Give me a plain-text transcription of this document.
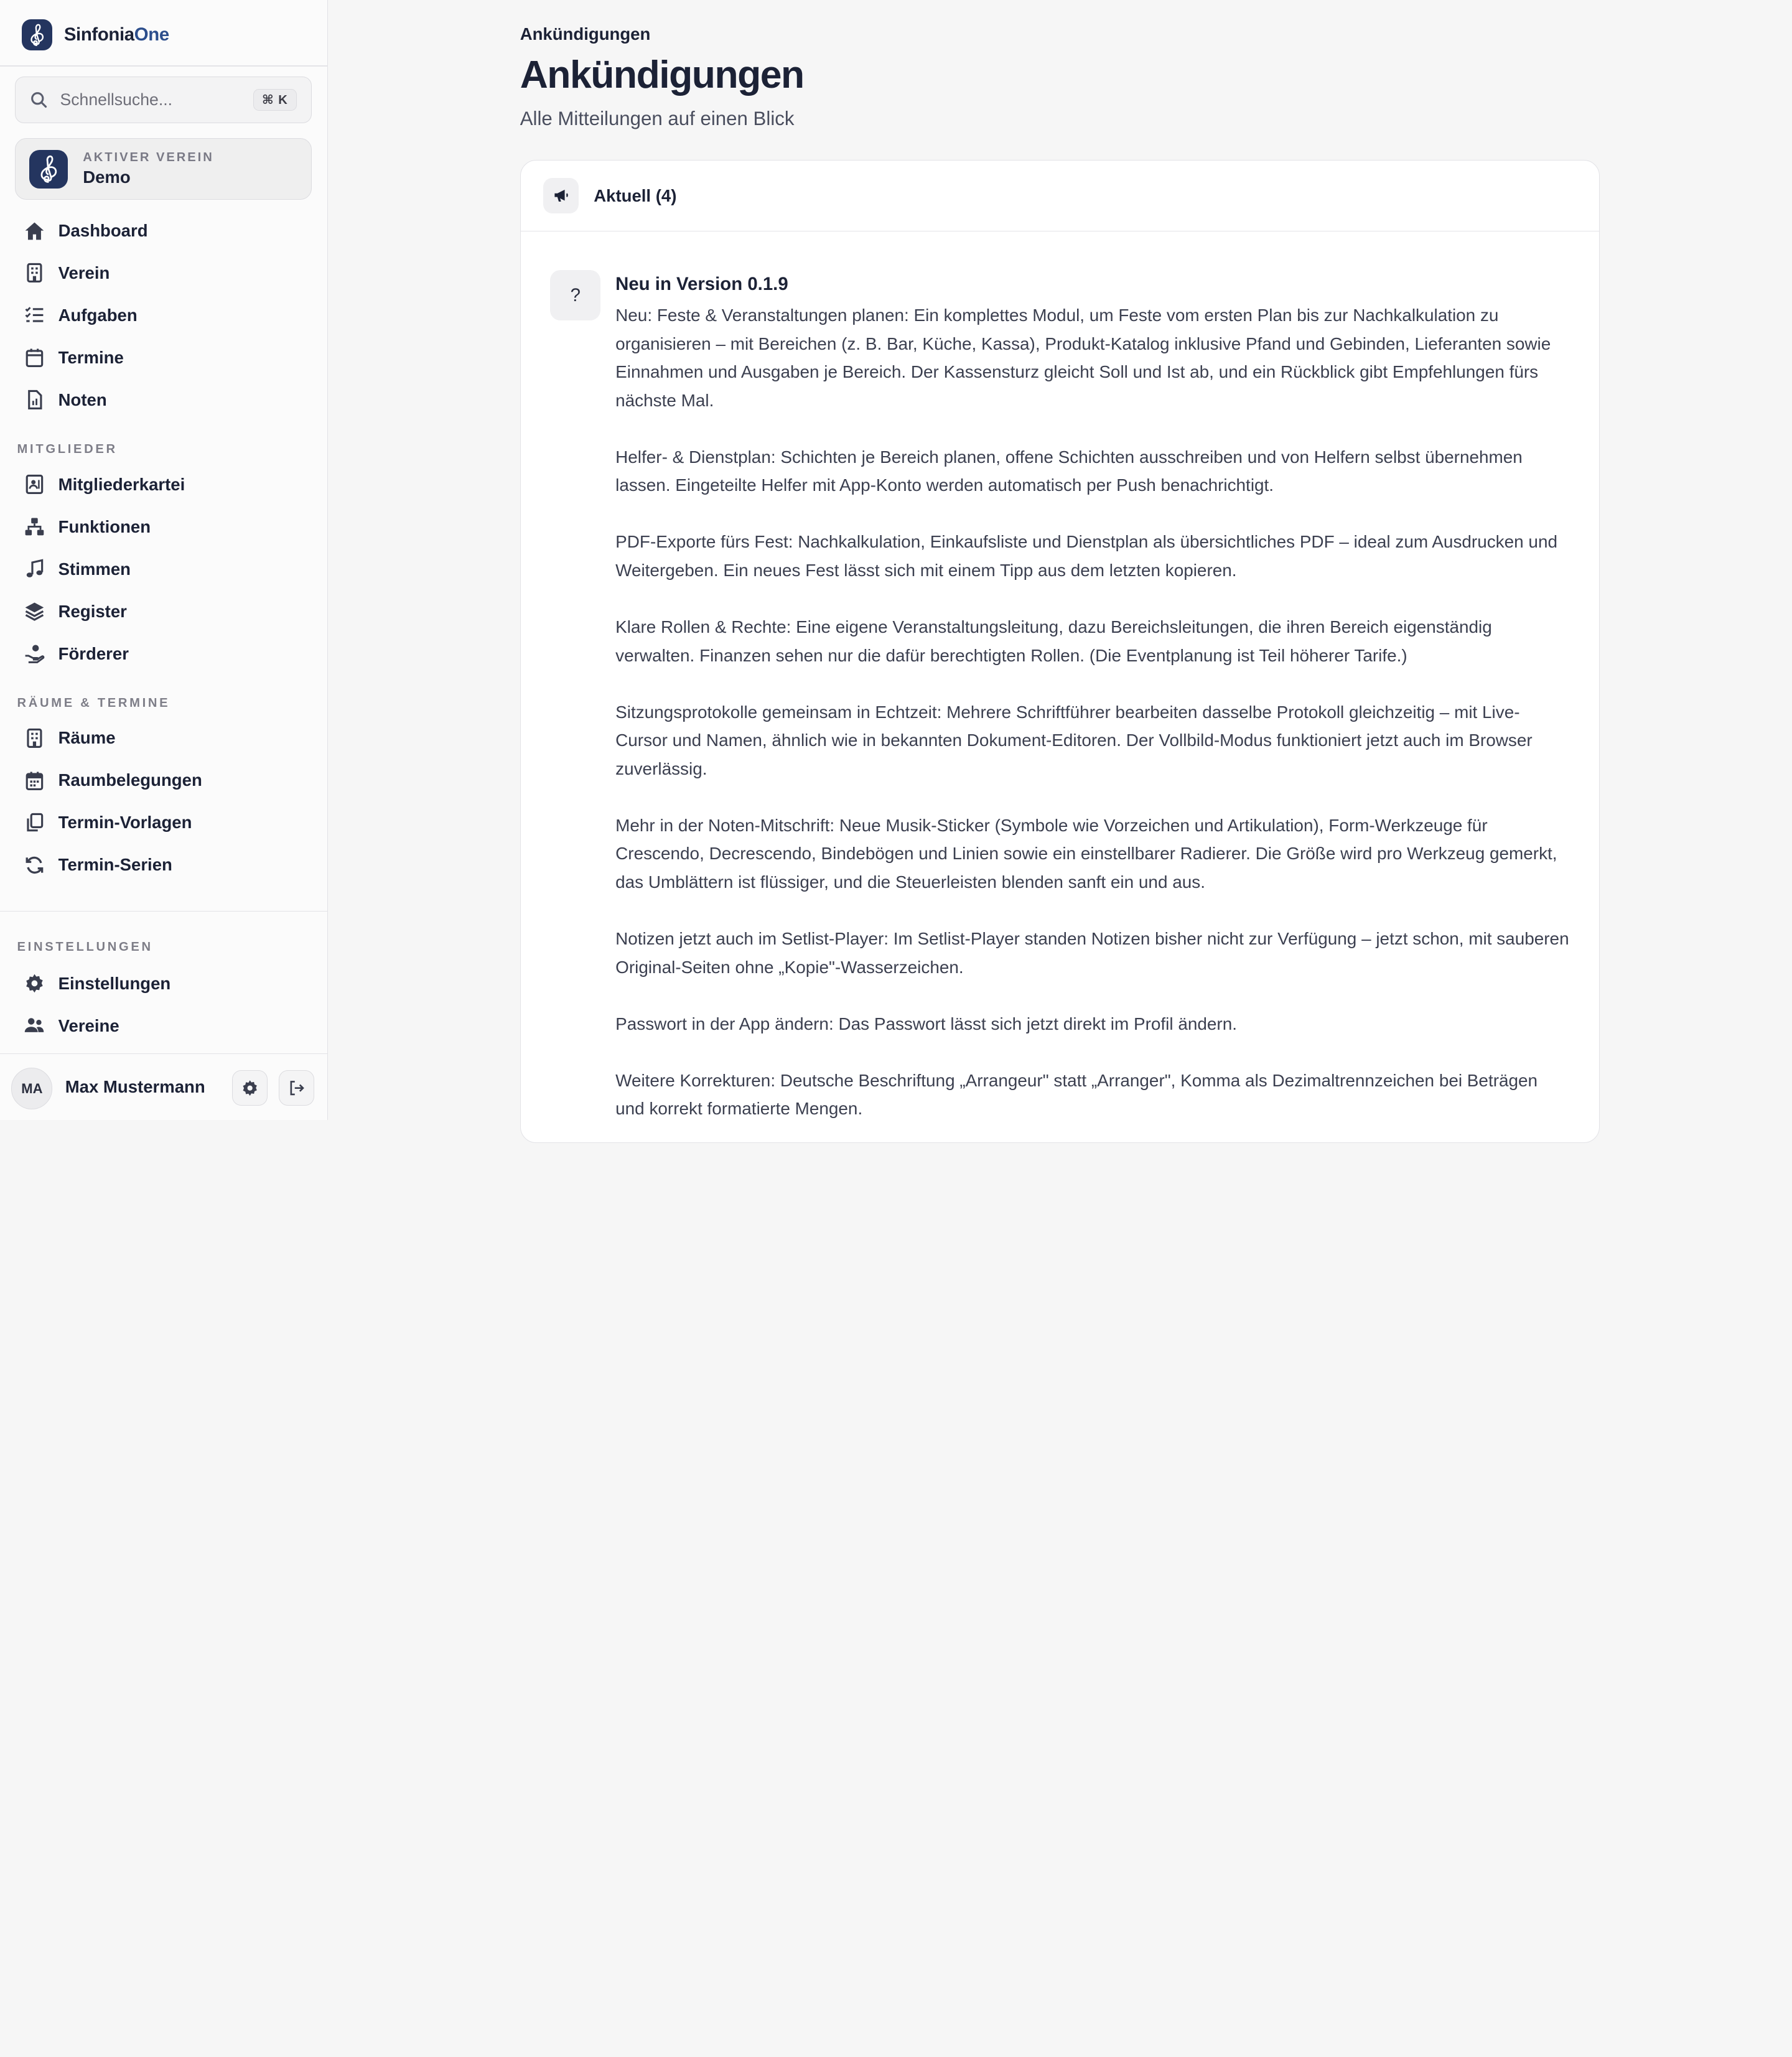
SinfoniaOne
Schnellsuche...	⌘ K
AKTIVER VEREIN
Demo
Dashboard
Verein
Aufgaben
Termine
Noten
MITGLIEDER
Mitgliederkartei
Funktionen
Stimmen
Register
Förderer
RÄUME & TERMINE
Räume
Raumbelegungen
Termin-Vorlagen
Termin-Serien
EINSTELLUNGEN
Einstellungen
Vereine
MA	Max Mustermann
Ankündigungen
Ankündigungen
Alle Mitteilungen auf einen Blick
Aktuell (4)
?
Neu in Version 0.1.9

Neu: Feste & Veranstaltungen planen: Ein komplettes Modul, um Feste vom ersten Plan bis zur Nachkalkulation zu organisieren – mit Bereichen (z. B. Bar, Küche, Kassa), Produkt-Katalog inklusive Pfand und Gebinden, Lieferanten sowie Einnahmen und Ausgaben je Bereich. Der Kassensturz gleicht Soll und Ist ab, und ein Rückblick gibt Empfehlungen fürs nächste Mal.

Helfer- & Dienstplan: Schichten je Bereich planen, offene Schichten ausschreiben und von Helfern selbst übernehmen lassen. Eingeteilte Helfer mit App-Konto werden automatisch per Push benachrichtigt.

PDF-Exporte fürs Fest: Nachkalkulation, Einkaufsliste und Dienstplan als übersichtliches PDF – ideal zum Ausdrucken und Weitergeben. Ein neues Fest lässt sich mit einem Tipp aus dem letzten kopieren.

Klare Rollen & Rechte: Eine eigene Veranstaltungsleitung, dazu Bereichsleitungen, die ihren Bereich eigenständig verwalten. Finanzen sehen nur die dafür berechtigten Rollen. (Die Eventplanung ist Teil höherer Tarife.)

Sitzungsprotokolle gemeinsam in Echtzeit: Mehrere Schriftführer bearbeiten dasselbe Protokoll gleichzeitig – mit Live-Cursor und Namen, ähnlich wie in bekannten Dokument-Editoren. Der Vollbild-Modus funktioniert jetzt auch im Browser zuverlässig.

Mehr in der Noten-Mitschrift: Neue Musik-Sticker (Symbole wie Vorzeichen und Artikulation), Form-Werkzeuge für Crescendo, Decrescendo, Bindebögen und Linien sowie ein einstellbarer Radierer. Die Größe wird pro Werkzeug gemerkt, das Umblättern ist flüssiger, und die Steuerleisten blenden sanft ein und aus.

Notizen jetzt auch im Setlist-Player: Im Setlist-Player standen Notizen bisher nicht zur Verfügung – jetzt schon, mit sauberen Original-Seiten ohne „Kopie"-Wasserzeichen.

Passwort in der App ändern: Das Passwort lässt sich jetzt direkt im Profil ändern.

Weitere Korrekturen: Deutsche Beschriftung „Arrangeur" statt „Arranger", Komma als Dezimaltrennzeichen bei Beträgen und korrekt formatierte Mengen.
